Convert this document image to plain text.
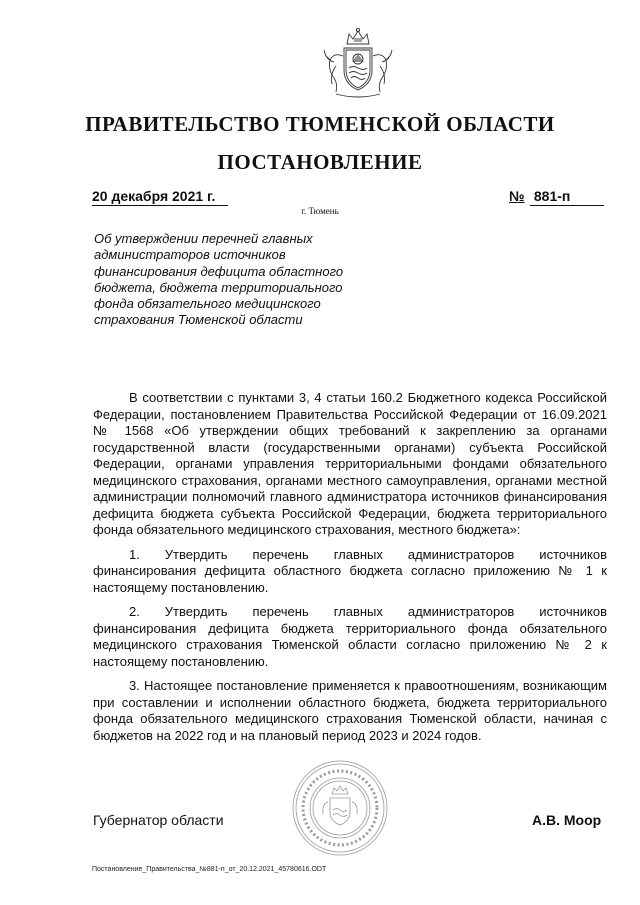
ПРАВИТЕЛЬСТВО ТЮМЕНСКОЙ ОБЛАСТИ
ПОСТАНОВЛЕНИЕ
20 декабря 2021 г.	№ 881-п
г. Тюмень
Об утверждении перечней главных администраторов источников финансирования дефицита областного бюджета, бюджета территориального фонда обязательного медицинского страхования Тюменской области

В соответствии с пунктами 3, 4 статьи 160.2 Бюджетного кодекса Российской Федерации, постановлением Правительства Российской Федерации от 16.09.2021 № 1568 «Об утверждении общих требований к закреплению за органами государственной власти (государственными органами) субъекта Российской Федерации, органами управления территориальными фондами обязательного медицинского страхования, органами местного самоуправления, органами местной администрации полномочий главного администратора источников финансирования дефицита бюджета субъекта Российской Федерации, бюджета территориального фонда обязательного медицинского страхования, местного бюджета»:

1. Утвердить перечень главных администраторов источников финансирования дефицита областного бюджета согласно приложению № 1 к настоящему постановлению.

2. Утвердить перечень главных администраторов источников финансирования дефицита бюджета территориального фонда обязательного медицинского страхования Тюменской области согласно приложению № 2 к настоящему постановлению.

3. Настоящее постановление применяется к правоотношениям, возникающим при составлении и исполнении областного бюджета, бюджета территориального фонда обязательного медицинского страхования Тюменской области, начиная с бюджетов на 2022 год и на плановый период 2023 и 2024 годов.

Губернатор области	А.В. Моор
Постановление_Правительства_№881-п_от_20.12.2021_45780616.ODT
